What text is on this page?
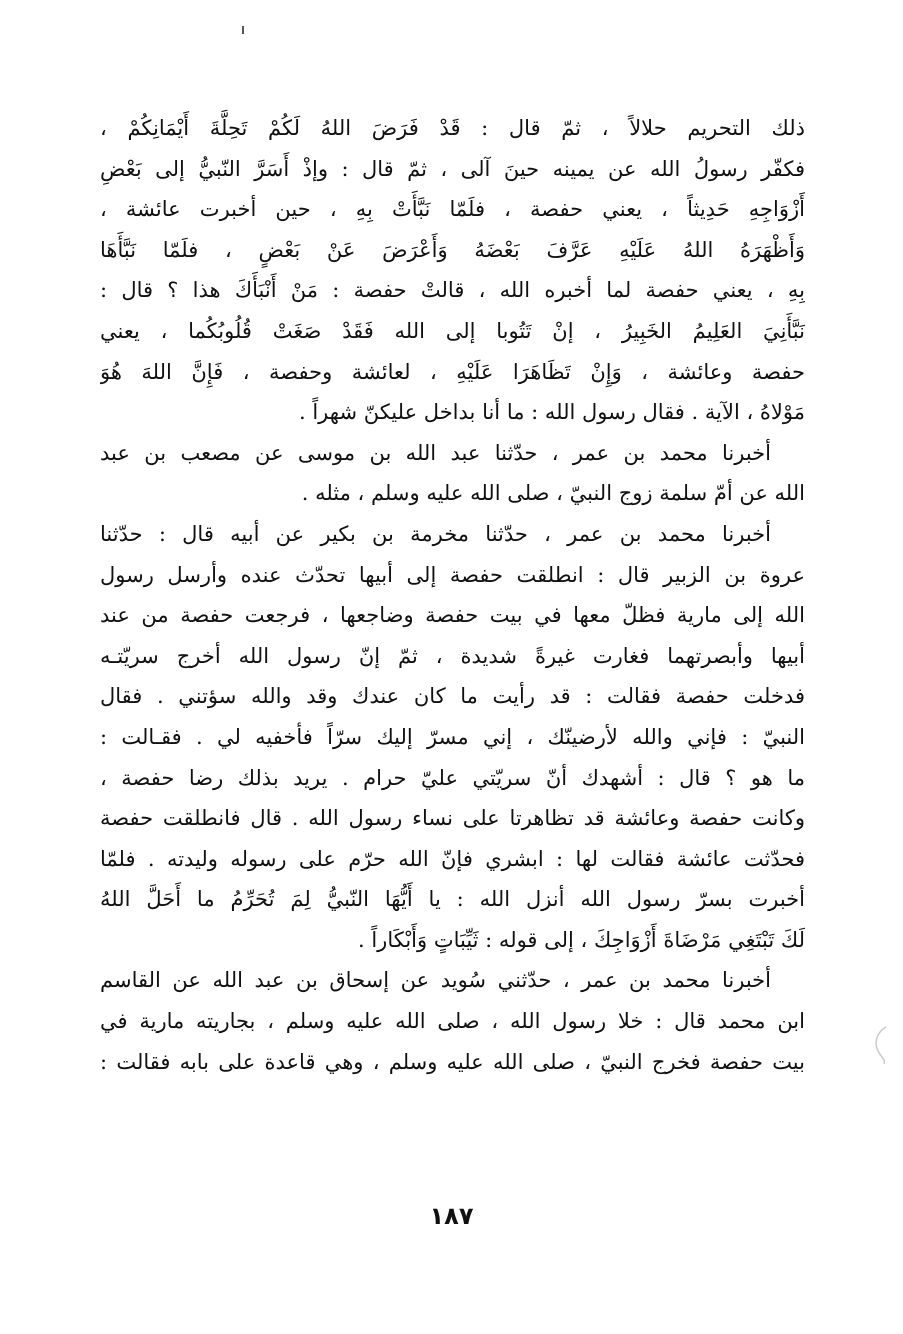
ذلك التحريم حلالاً ، ثمّ قال : قَدْ فَرَضَ اللهُ لَكُمْ تَحِلَّةَ أَيْمَانِكُمْ ،
فكفّر رسولُ الله عن يمينه حينَ آلى ، ثمّ قال : وإذْ أَسَرَّ النّبيُّ إلى بَعْضِ
أَزْوَاجِهِ حَدِيثاً ، يعني حفصة ، فلَمّا نَبَّأَتْ بِهِ ، حين أخبرت عائشة ،
وَأَظْهَرَهُ اللهُ عَلَيْهِ عَرَّفَ بَعْضَهُ وَأَعْرَضَ عَنْ بَعْضٍ ، فلَمّا نَبَّأَهَا
بِهِ ، يعني حفصة لما أخبره الله ، قالتْ حفصة : مَنْ أَنْبَأَكَ هذا ؟ قال :
نَبَّأَنِيَ العَلِيمُ الخَبِيرُ ، إنْ تَتُوبا إلى الله فَقَدْ صَغَتْ قُلُوبُكُما ، يعني
حفصة وعائشة ، وَإِنْ تَظَاهَرَا عَلَيْهِ ، لعائشة وحفصة ، فَإِنَّ اللهَ هُوَ
مَوْلاهُ ، الآية . فقال رسول الله : ما أنا بداخل عليكنّ شهراً .
أخبرنا محمد بن عمر ، حدّثنا عبد الله بن موسى عن مصعب بن عبد
الله عن أمّ سلمة زوج النبيّ ، صلى الله عليه وسلم ، مثله .
أخبرنا محمد بن عمر ، حدّثنا مخرمة بن بكير عن أبيه قال : حدّثنا
عروة بن الزبير قال : انطلقت حفصة إلى أبيها تحدّث عنده وأرسل رسول
الله إلى مارية فظلّ معها في بيت حفصة وضاجعها ، فرجعت حفصة من عند
أبيها وأبصرتهما فغارت غيرةً شديدة ، ثمّ إنّ رسول الله أخرج سريّتـه
فدخلت حفصة فقالت : قد رأيت ما كان عندك وقد والله سؤتني . فقال
النبيّ : فإني والله لأرضينّك ، إني مسرّ إليك سرّاً فأخفيه لي . فقـالت :
ما هو ؟ قال : أشهدك أنّ سريّتي عليّ حرام . يريد بذلك رضا حفصة ،
وكانت حفصة وعائشة قد تظاهرتا على نساء رسول الله . قال فانطلقت حفصة
فحدّثت عائشة فقالت لها : ابشري فإنّ الله حرّم على رسوله وليدته . فلمّا
أخبرت بسرّ رسول الله أنزل الله : يا أَيُّهَا النّبيُّ لِمَ تُحَرِّمُ ما أَحَلَّ اللهُ
لَكَ تَبْتَغِي مَرْضَاةَ أَزْوَاجِكَ ، إلى قوله : ثَيِّبَاتٍ وَأَبْكَاراً .
أخبرنا محمد بن عمر ، حدّثني سُويد عن إسحاق بن عبد الله عن القاسم
ابن محمد قال : خلا رسول الله ، صلى الله عليه وسلم ، بجاريته مارية في
بيت حفصة فخرج النبيّ ، صلى الله عليه وسلم ، وهي قاعدة على بابه فقالت :
١٨٧
